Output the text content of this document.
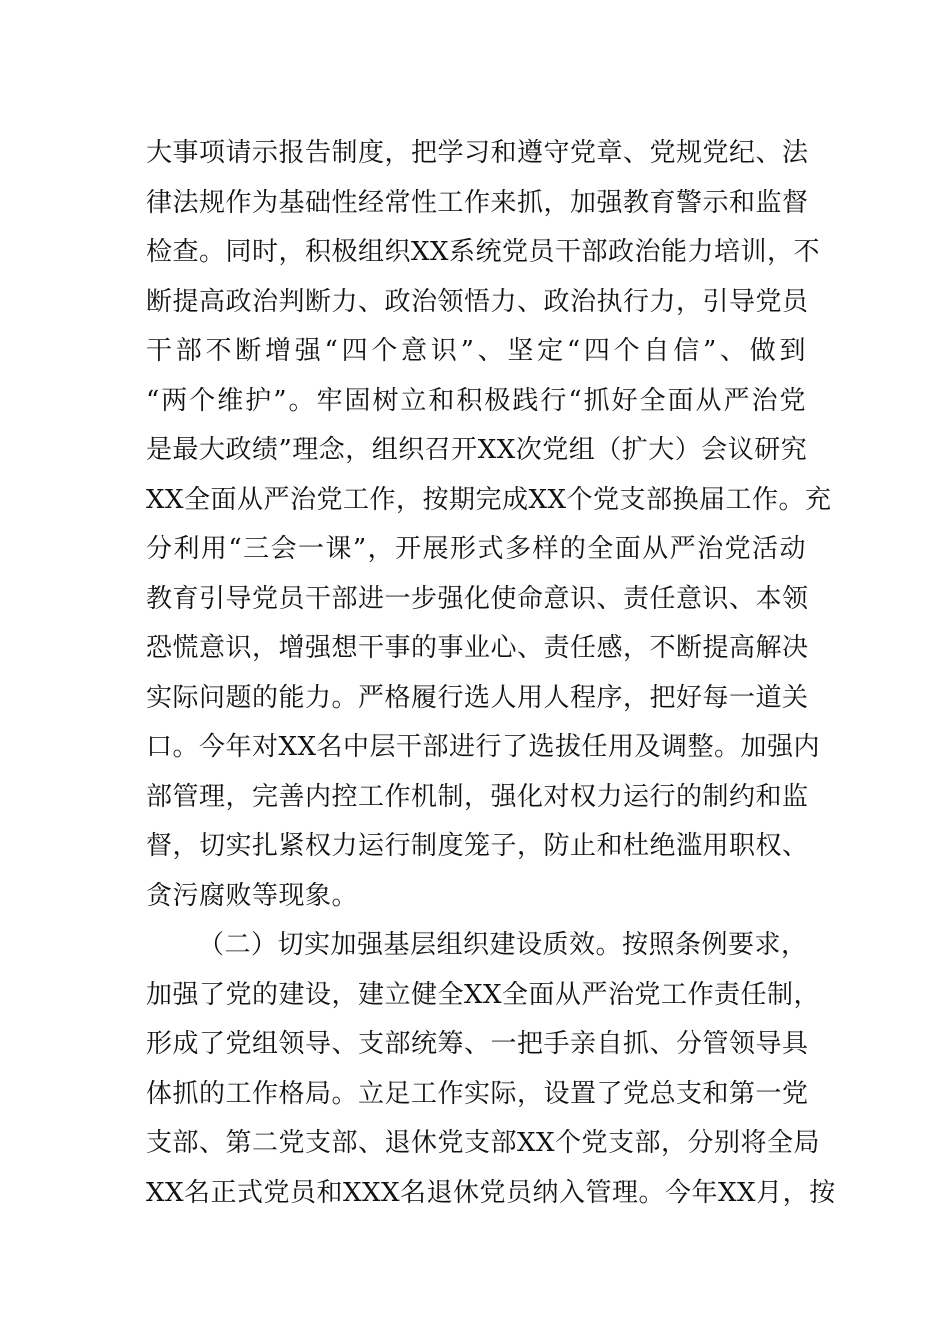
大事项请示报告制度，把学习和遵守党章、党规党纪、法
律法规作为基础性经常性工作来抓，加强教育警示和监督
检查。同时，积极组织XX系统党员干部政治能力培训，不
断提高政治判断力、政治领悟力、政治执行力，引导党员
干部不断增强“四个意识”、坚定“四个自信”、做到
“两个维护”。牢固树立和积极践行“抓好全面从严治党
是最大政绩”理念，组织召开XX次党组（扩大）会议研究
XX全面从严治党工作，按期完成XX个党支部换届工作。充
分利用“三会一课”，开展形式多样的全面从严治党活动
教育引导党员干部进一步强化使命意识、责任意识、本领
恐慌意识，增强想干事的事业心、责任感，不断提高解决
实际问题的能力。严格履行选人用人程序，把好每一道关
口。今年对XX名中层干部进行了选拔任用及调整。加强内
部管理，完善内控工作机制，强化对权力运行的制约和监
督，切实扎紧权力运行制度笼子，防止和杜绝滥用职权、
贪污腐败等现象。
（二）切实加强基层组织建设质效。按照条例要求，
加强了党的建设，建立健全XX全面从严治党工作责任制，
形成了党组领导、支部统筹、一把手亲自抓、分管领导具
体抓的工作格局。立足工作实际，设置了党总支和第一党
支部、第二党支部、退休党支部XX个党支部，分别将全局
XX名正式党员和XXX名退休党员纳入管理。今年XX月，按
